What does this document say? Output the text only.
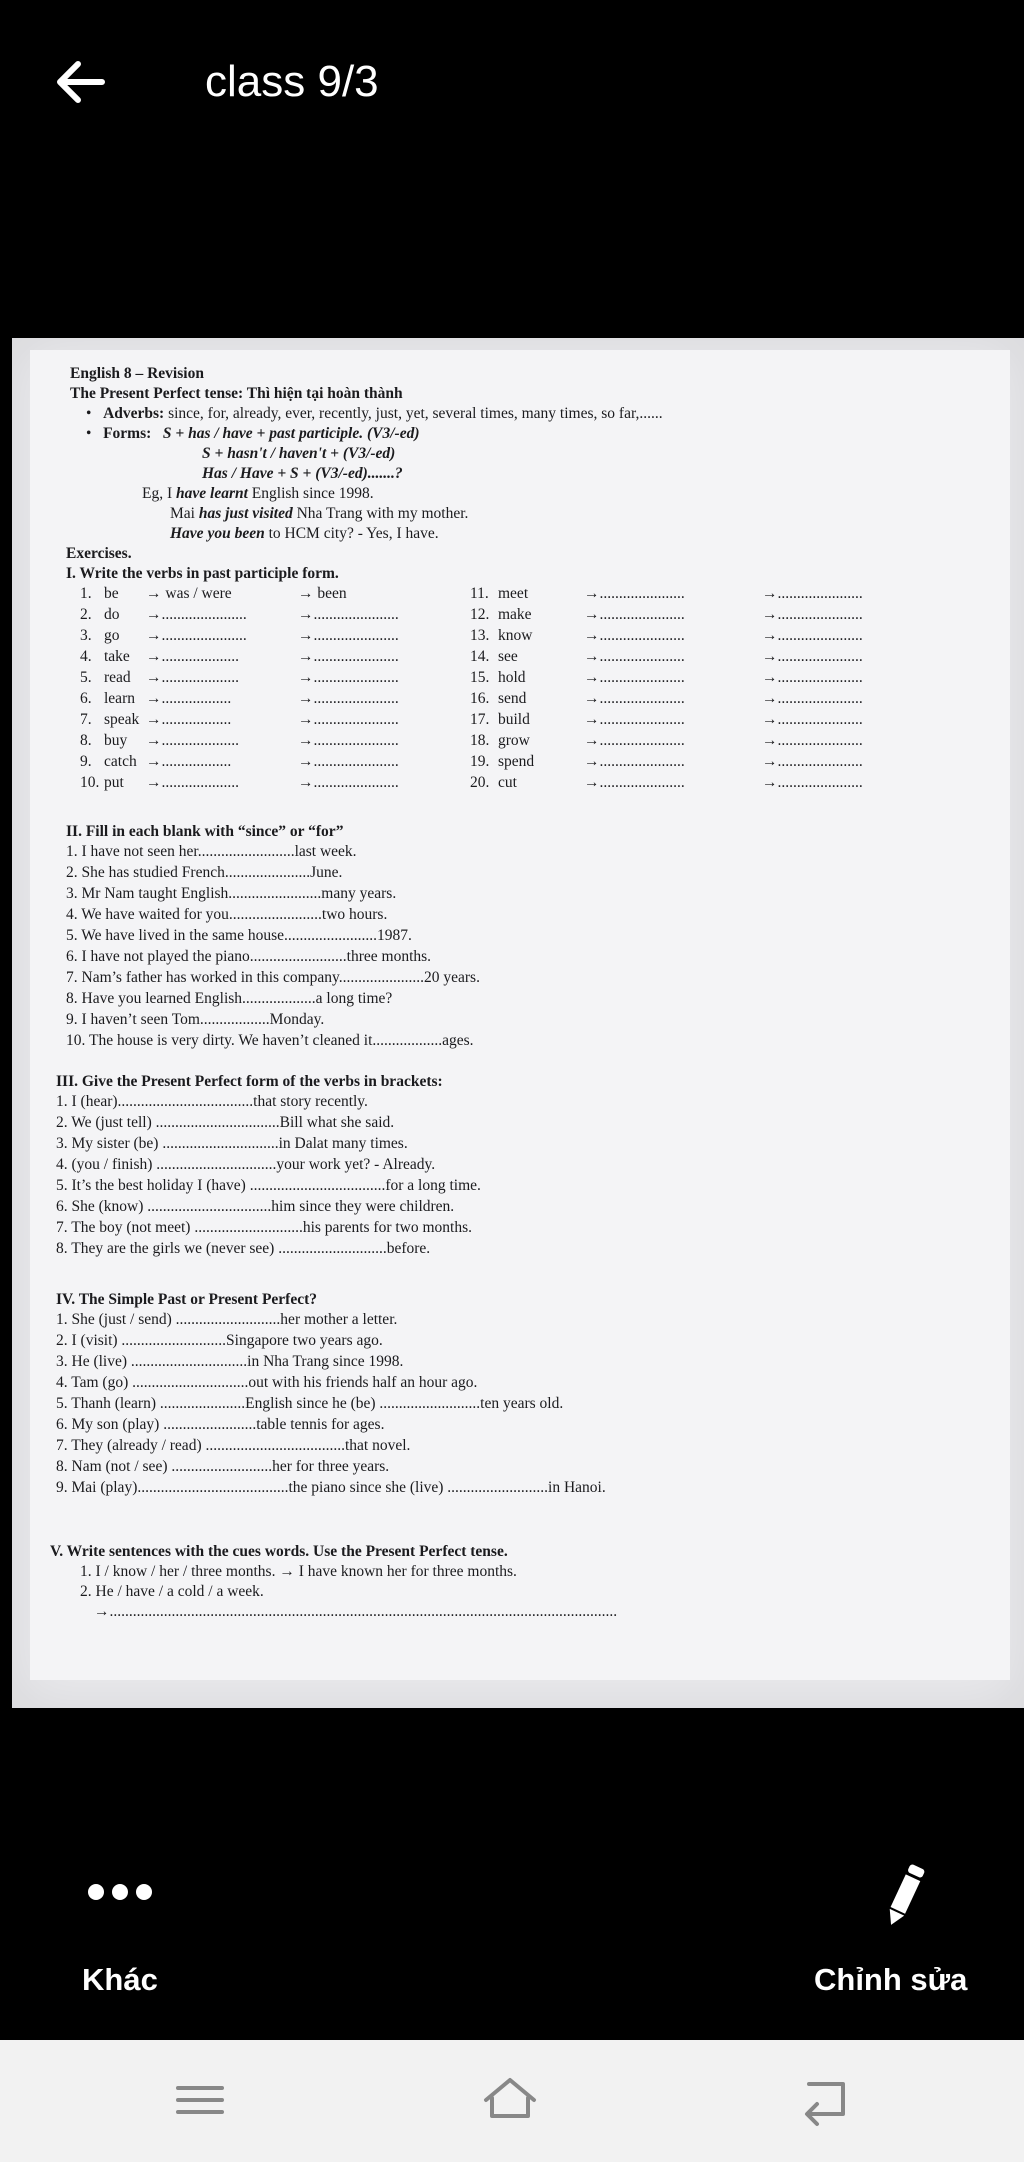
class 9/3
English 8 – Revision
The Present Perfect tense: Thì hiện tại hoàn thành
•   Adverbs: since, for, already, ever, recently, just, yet, several times, many times, so far,......
•   Forms: S + has / have + past participle. (V3/-ed)
S + hasn't / haven't + (V3/-ed)
Has / Have + S + (V3/-ed).......?
Eg, I have learnt English since 1998.
Mai has just visited Nha Trang with my mother.
Have you been to HCM city? - Yes, I have.
Exercises.
I. Write the verbs in past participle form.
1. be → was / were	→ been
2. do →......................	→......................
3. go →......................	→......................
4. take →....................	→......................
5. read →....................	→......................
6. learn →..................	→......................
7. speak →..................	→......................
8. buy →....................	→......................
9. catch →..................	→......................
10. put →....................	→......................
11. meet	→......................	→......................
12. make	→......................	→......................
13. know	→......................	→......................
14. see	→......................	→......................
15. hold	→......................	→......................
16. send	→......................	→......................
17. build	→......................	→......................
18. grow	→......................	→......................
19. spend	→......................	→......................
20. cut	→......................	→......................
II. Fill in each blank with “since” or “for”
1. I have not seen her.........................last week.
2. She has studied French......................June.
3. Mr Nam taught English........................many years.
4. We have waited for you........................two hours.
5. We have lived in the same house........................1987.
6. I have not played the piano.........................three months.
7. Nam’s father has worked in this company......................20 years.
8. Have you learned English...................a long time?
9. I haven’t seen Tom..................Monday.
10. The house is very dirty. We haven’t cleaned it..................ages.
III. Give the Present Perfect form of the verbs in brackets:
1. I (hear)...................................that story recently.
2. We (just tell) ................................Bill what she said.
3. My sister (be) ..............................in Dalat many times.
4. (you / finish) ...............................your work yet? - Already.
5. It’s the best holiday I (have) ...................................for a long time.
6. She (know) ................................him since they were children.
7. The boy (not meet) ............................his parents for two months.
8. They are the girls we (never see) ............................before.
IV. The Simple Past or Present Perfect?
1. She (just / send) ...........................her mother a letter.
2. I (visit) ...........................Singapore two years ago.
3. He (live) ..............................in Nha Trang since 1998.
4. Tam (go) ..............................out with his friends half an hour ago.
5. Thanh (learn) ......................English since he (be) ..........................ten years old.
6. My son (play) ........................table tennis for ages.
7. They (already / read) ....................................that novel.
8. Nam (not / see) ..........................her for three years.
9. Mai (play).......................................the piano since she (live) ..........................in Hanoi.
V. Write sentences with the cues words. Use the Present Perfect tense.
1. I / know / her / three months. → I have known her for three months.
2. He / have / a cold / a week.
→...................................................................................................................................
Khác	Chỉnh sửa
